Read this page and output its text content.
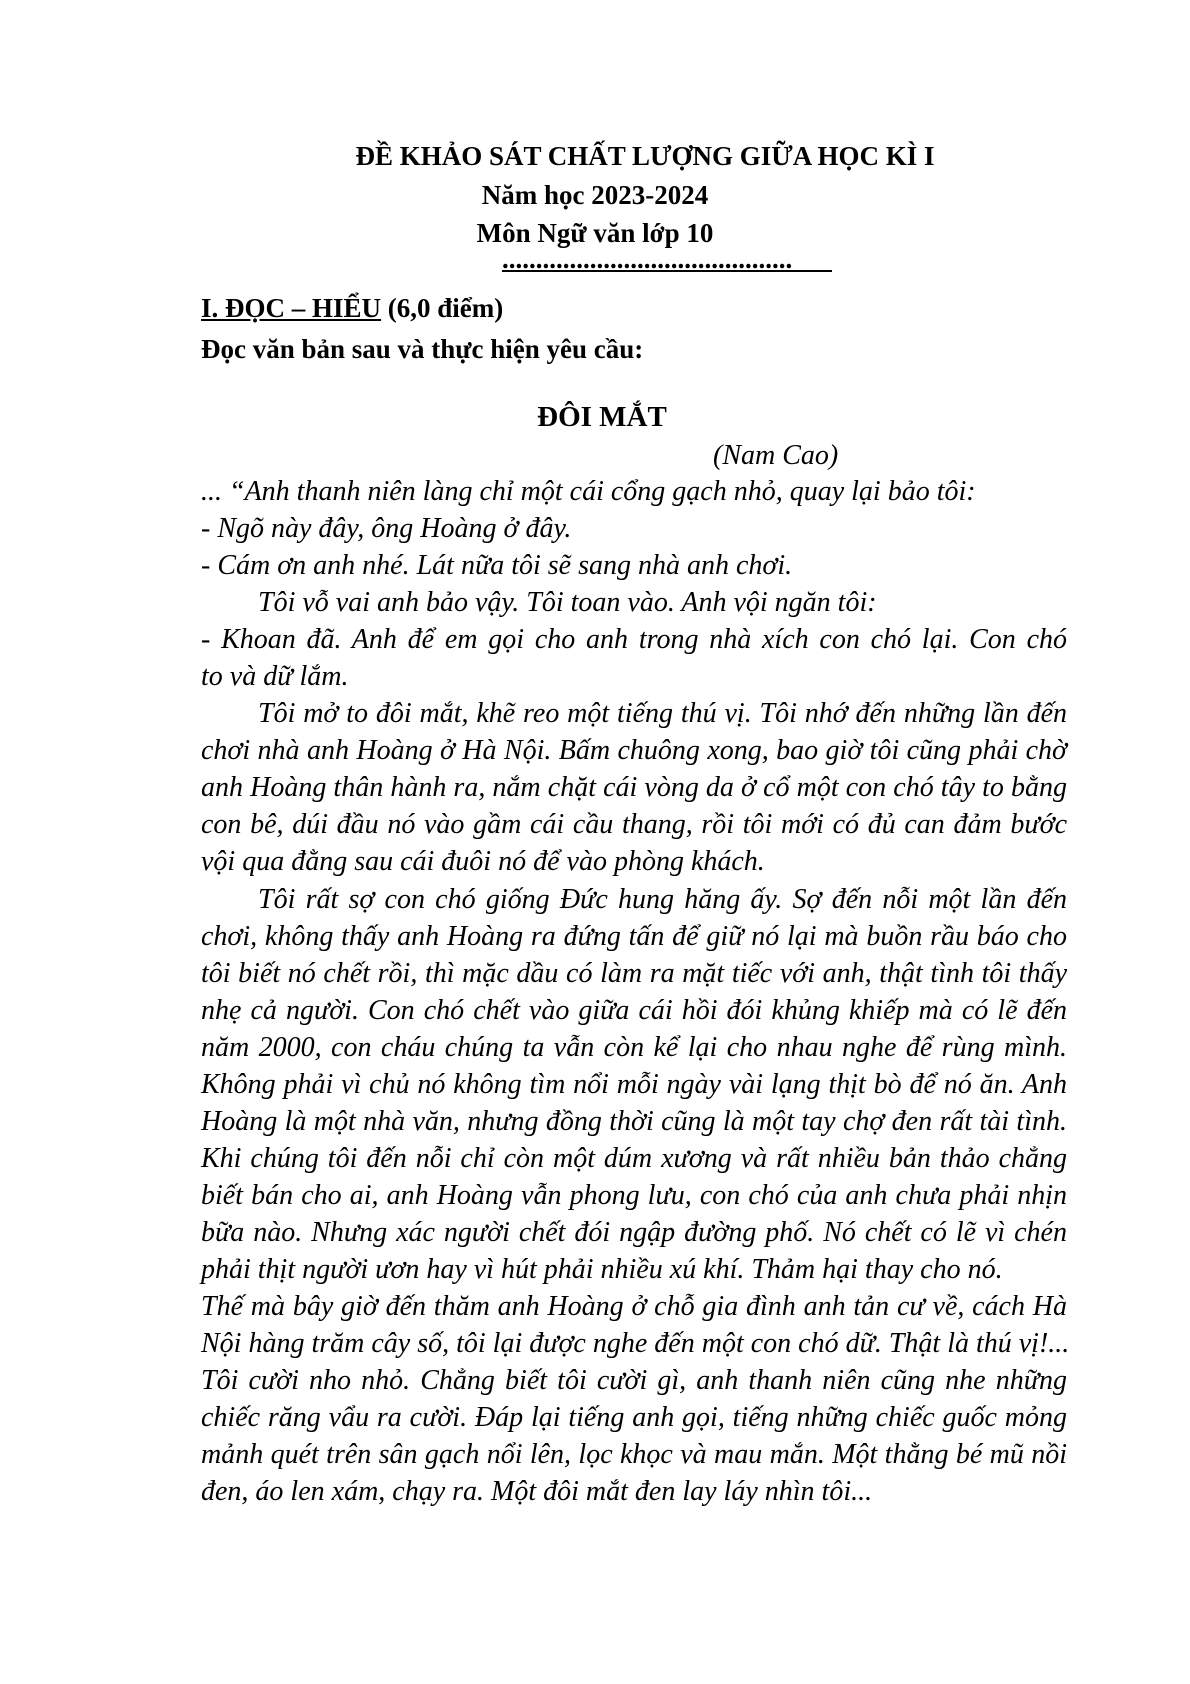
ĐỀ KHẢO SÁT CHẤT LƯỢNG GIỮA HỌC KÌ I
Năm học 2023-2024
Môn Ngữ văn lớp 10
...........................................
I. ĐỌC – HIỂU (6,0 điểm)
Đọc văn bản sau và thực hiện yêu cầu:
ĐÔI MẮT
(Nam Cao)
... “Anh thanh niên làng chỉ một cái cổng gạch nhỏ, quay lại bảo tôi:
- Ngõ này đây, ông Hoàng ở đây.
- Cám ơn anh nhé. Lát nữa tôi sẽ sang nhà anh chơi.
Tôi vỗ vai anh bảo vậy. Tôi toan vào. Anh vội ngăn tôi:
- Khoan đã. Anh để em gọi cho anh trong nhà xích con chó lại. Con chó
to và dữ lắm.
Tôi mở to đôi mắt, khẽ reo một tiếng thú vị. Tôi nhớ đến những lần đến
chơi nhà anh Hoàng ở Hà Nội. Bấm chuông xong, bao giờ tôi cũng phải chờ
anh Hoàng thân hành ra, nắm chặt cái vòng da ở cổ một con chó tây to bằng
con bê, dúi đầu nó vào gầm cái cầu thang, rồi tôi mới có đủ can đảm bước
vội qua đằng sau cái đuôi nó để vào phòng khách.
Tôi rất sợ con chó giống Đức hung hăng ấy. Sợ đến nỗi một lần đến
chơi, không thấy anh Hoàng ra đứng tấn để giữ nó lại mà buồn rầu báo cho
tôi biết nó chết rồi, thì mặc dầu có làm ra mặt tiếc với anh, thật tình tôi thấy
nhẹ cả người. Con chó chết vào giữa cái hồi đói khủng khiếp mà có lẽ đến
năm 2000, con cháu chúng ta vẫn còn kể lại cho nhau nghe để rùng mình.
Không phải vì chủ nó không tìm nổi mỗi ngày vài lạng thịt bò để nó ăn. Anh
Hoàng là một nhà văn, nhưng đồng thời cũng là một tay chợ đen rất tài tình.
Khi chúng tôi đến nỗi chỉ còn một dúm xương và rất nhiều bản thảo chẳng
biết bán cho ai, anh Hoàng vẫn phong lưu, con chó của anh chưa phải nhịn
bữa nào. Nhưng xác người chết đói ngập đường phố. Nó chết có lẽ vì chén
phải thịt người ươn hay vì hút phải nhiều xú khí. Thảm hại thay cho nó.
Thế mà bây giờ đến thăm anh Hoàng ở chỗ gia đình anh tản cư về, cách Hà
Nội hàng trăm cây số, tôi lại được nghe đến một con chó dữ. Thật là thú vị!...
Tôi cười nho nhỏ. Chẳng biết tôi cười gì, anh thanh niên cũng nhe những
chiếc răng vẩu ra cười. Đáp lại tiếng anh gọi, tiếng những chiếc guốc mỏng
mảnh quét trên sân gạch nổi lên, lọc khọc và mau mắn. Một thằng bé mũ nồi
đen, áo len xám, chạy ra. Một đôi mắt đen lay láy nhìn tôi...
